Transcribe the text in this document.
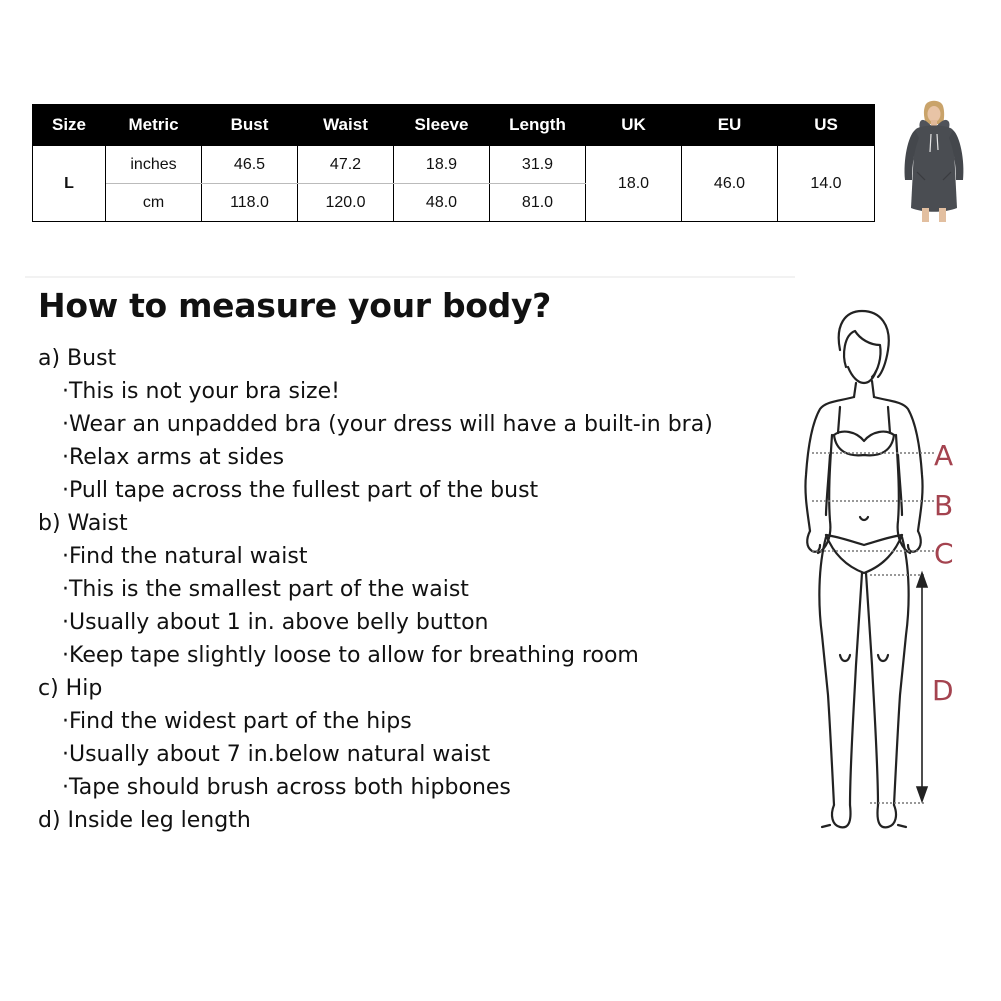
Size	Metric	Bust	Waist	Sleeve	Length	UK	EU	US
L	inches	46.5	47.2	18.9	31.9	18.0	46.0	14.0
	cm	118.0	120.0	48.0	81.0			
How to measure your body?
a) Bust
·This is not your bra size!
·Wear an unpadded bra (your dress will have a built-in bra)
·Relax arms at sides
·Pull tape across the fullest part of the bust
b) Waist
·Find the natural waist
·This is the smallest part of the waist
·Usually about 1 in. above belly button
·Keep tape slightly loose to allow for breathing room
c) Hip
·Find the widest part of the hips
·Usually about 7 in.below natural waist
·Tape should brush across both hipbones
d) Inside leg length
A
B
C
D
